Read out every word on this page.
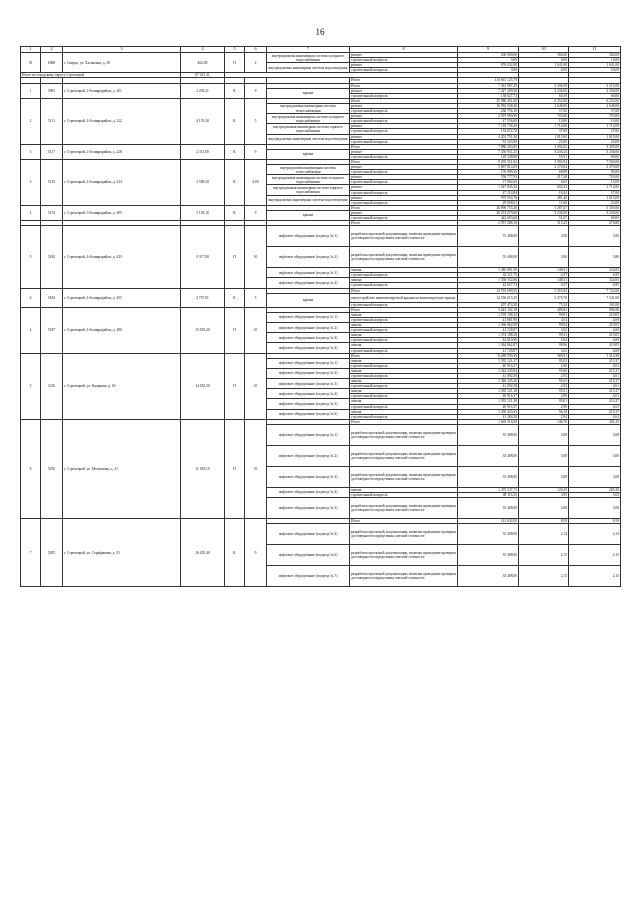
16
1	2	3	4	5	6	7	8	9	10	11
35	6588	г. Свирск, ул. Хасанская, д. 20	402,00	П	2	внутридомовая инженерная система холодного водоснабжения	ремонт	200 000,00	384,00	384,00
							строительный контроль	0,00	0,00	10,00
						внутридомовая инженерная система водоотведения	ремонт	676 032,00	1 641,00	1 641,00
							строительный контроль	0,00	0,00	50,00
Итого по городскому округу Стрелецкой			87 421,41							
							Итого	110 661 125,79		
1	5091	г. Стрелецкой, 2-й микрорайон, д. 201	2 295,21	К	9		Итого	7 361 907,29	3 296,39	3 315,00
						крыша	ремонт	7 427 299,56	3 236,00	3 236,00
							строительный контроль	138 627,73	60,39	60,00
2	5111	г. Стрелецкой, 2-й микрорайон, д. 222	4 155,30	К	5		Итого	25 986 451,60	6 252,00	6 252,00
						внутридомовая инженерная система теплоснабжения	ремонт	10 992 938,40	2 648,00	2 648,00
							строительный контроль	236 756,10	57,00	57,00
						внутридомовая инженерная система холодного водоснабжения	ремонт	2 919 969,90	703,00	703,00
							строительный контроль	47 556,00	10,00	10,00
						внутридомовая инженерная система горячего водоснабжения	ремонт	7 118 756,20	1 714,00	1 714,00
							строительный контроль	153 672,70	37,00	37,00
						внутридомовая инженерная система водоотведения	ремонт	4 201 751,50	1 015,00	1 015,00
							строительный контроль	91 525,90	23,00	23,00
3	5117	г. Стрелецкой, 2-й микрорайон, д. 228	2 311,00	К	9		Итого	7 886 203,83	3 292,65	3 305,00
						крыша	ремонт	7 456 951,25	3 236,24	3 236,00
							строительный контроль	129 328,80	55,91	69,00
3	5125	г. Стрелецкой, 2-й микрорайон, д. 234	2 509,50	К	4,00		Итого	9 295 551,82	3 582,94	7 503,00
						внутридомовая инженерная система теплоснабжения	ремонт	5 867 814,05	2 270,04	3 470,00
							строительный контроль	176 999,26	68,89	85,00
						внутридомовая инженерная система холодного водоснабжения	ремонт	558 777,93	217,48	703,00
							строительный контроль	17 082,66	6,65	15,00
						внутридомовая инженерная система горячего водоснабжения	ремонт	1 547 845,36	602,43	1 714,00
							строительный контроль	47 314,84	18,42	37,00
						внутридомовая инженерная система водоотведения	ремонт	979 954,76	381,40	1 015,00
							строительный контроль	29 958,01	11,66	23,00
4	5154	г. Стрелецкой, 3-й микрорайон, д. 305	5 103,10	К	9		Итого	26 896 755,20	5 287,67	5 305,00
						крыша	ремонт	26 474 079,60	5 236,00	5 236,00
							строительный контроль	422 693,60	51,67	69,00
							Итого	2 957 288,10	315,25	670,80
5	5182	г. Стрелецкой, 4-й микрорайон, д. 423	9 317,00	П	10	лифтовое оборудование (подъезд № 1)	разработка проектной документации, включая проведение проверки достоверности определения сметной стоимости	75 408,00	3,90	3,90
						лифтовое оборудование (подъезд № 2)	разработка проектной документации, включая проведение проверки достоверности определения сметной стоимости	55 408,00	3,80	3,80
						лифтовое оборудование (подъезд № 3)	замена	1 385 881,00	148,51	324,83
							строительный контроль	42 311,75	4,57	6,95
						лифтовое оборудование (подъезд № 4)	замена	1 356 552,86	148,51	324,83
							строительный контроль	42 657,74	4,57	6,95
6	5184	г. Стрелецкой, 4-й микрорайон, д. 455	2 757,91	К	5		Итого	14 763 699,55	5 353,94	7 722,00
						крыша	переустройство невентилируемой крыши на вентилируемую крышу	14 556 015,35	5 278,70	7 541,00
							строительный контроль	207 474,30	75,24	161,00
4	5187	г. Стрелецкой, 4-й микрорайон, д. 486	15 810,20	П	10		Итого	5 643 192,18	408,82	896,96
						лифтовое оборудование (подъезд № 1)	замена	1 576 108,34	99,81	219,05
							строительный контроль	41 681,90	3,04	4,69
						лифтовое оборудование (подъезд № 2)	замена	1 366 962,98	99,84	219,05
							строительный контроль	41 728,87	3,02	4,69
						лифтовое оборудование (подъезд № 3)	замена	1 374 188,28	99,51	219,05
							строительный контроль	42 010,90	3,04	4,69
						лифтовое оборудование (подъезд № 4)	замена	1 364 862,07	98,86	219,05
							строительный контроль	41 728,87	3,02	4,69
5	3216	г. Стрелецкой, ул. Кадинова, д. 63	14 052,50	П	10		Итого	8 289 590,28	589,91	1 314,38
						лифтовое оборудование (подъезд № 1)	замена	1 335 121,37	95,02	215,37
							строительный контроль	40 916,37	2,90	4,61
						лифтовое оборудование (подъезд № 2)	замена	1 344 345,84	95,66	215,37
							строительный контроль	41 092,58	2,92	4,61
						лифтовое оборудование (подъезд № 3)	замена	1 346 345,26	95,65	215,37
							строительный контроль	41 092,58	2,92	4,61
						лифтовое оборудование (подъезд № 4)	замена	1 335 121,38	95,01	215,37
							строительный контроль	40 916,37	2,90	4,61
						лифтовое оборудование (подъезд № 5)	замена	1 335 121,38	95,01	215,37
							строительный контроль	40 916,37	2,90	4,61
						лифтовое оборудование (подъезд № 6)	замена	1 350 423,93	96,10	215,37
							строительный контроль	41 284,50	2,94	4,61
6	5230	г. Стрелецкой, ул. Молчанова, д. 21	11 459,10	П	10		Итого	1 665 516,08	146,70	281,25
						лифтовое оборудование (подъезд № 1)	разработка проектной документации, включая проведение проверки достоверности определения сметной стоимости	35 408,00	3,08	3,08
						лифтовое оборудование (подъезд № 2)	разработка проектной документации, включая проведение проверки достоверности определения сметной стоимости	35 408,00	3,08	3,08
						лифтовое оборудование (подъезд № 3)	разработка проектной документации, включая проведение проверки достоверности определения сметной стоимости	35 408,00	3,08	3,08
						лифтовое оборудование (подъезд № 4)	замена	1 475 547,75	128,45	265,30
							строительный контроль	48 116,33	3,95	5,63
						лифтовое оборудование (подъезд № 5)	разработка проектной документации, включая проведение проверки достоверности определения сметной стоимости	35 408,00	3,08	3,08
7	5285	г. Стрелецкой, ул. Серафимова, д. 55	16 455,40	К	9		Итого	141 632,00	8,59	8,59
						лифтовое оборудование (подъезд № 2)	разработка проектной документации, включая проведение проверки достоверности определения сметной стоимости	35 408,00	2,14	2,14
						лифтовое оборудование (подъезд № 6)	разработка проектной документации, включая проведение проверки достоверности определения сметной стоимости	35 408,00	2,15	2,15
						лифтовое оборудование (подъезд № 7)	разработка проектной документации, включая проведение проверки достоверности определения сметной стоимости	35 408,00	2,15	2,15
